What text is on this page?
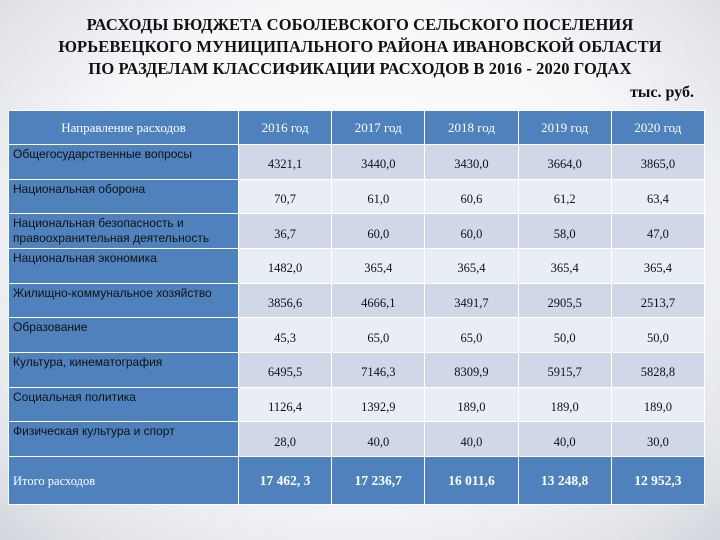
РАСХОДЫ БЮДЖЕТА СОБОЛЕВСКОГО СЕЛЬСКОГО ПОСЕЛЕНИЯ
ЮРЬЕВЕЦКОГО МУНИЦИПАЛЬНОГО РАЙОНА ИВАНОВСКОЙ ОБЛАСТИ
ПО РАЗДЕЛАМ КЛАССИФИКАЦИИ РАСХОДОВ В 2016 - 2020 ГОДАХ
тыс. руб.
Направление расходов	2016 год	2017 год	2018 год	2019 год	2020 год
Общегосударственные вопросы	4321,1	3440,0	3430,0	3664,0	3865,0
Национальная оборона	70,7	61,0	60,6	61,2	63,4
Национальная безопасность и правоохранительная деятельность	36,7	60,0	60,0	58,0	47,0
Национальная экономика	1482,0	365,4	365,4	365,4	365,4
Жилищно-коммунальное хозяйство	3856,6	4666,1	3491,7	2905,5	2513,7
Образование	45,3	65,0	65,0	50,0	50,0
Культура, кинематография	6495,5	7146,3	8309,9	5915,7	5828,8
Социальная политика	1126,4	1392,9	189,0	189,0	189,0
Физическая культура и спорт	28,0	40,0	40,0	40,0	30,0
Итого расходов	17 462, 3	17 236,7	16 011,6	13 248,8	12 952,3
